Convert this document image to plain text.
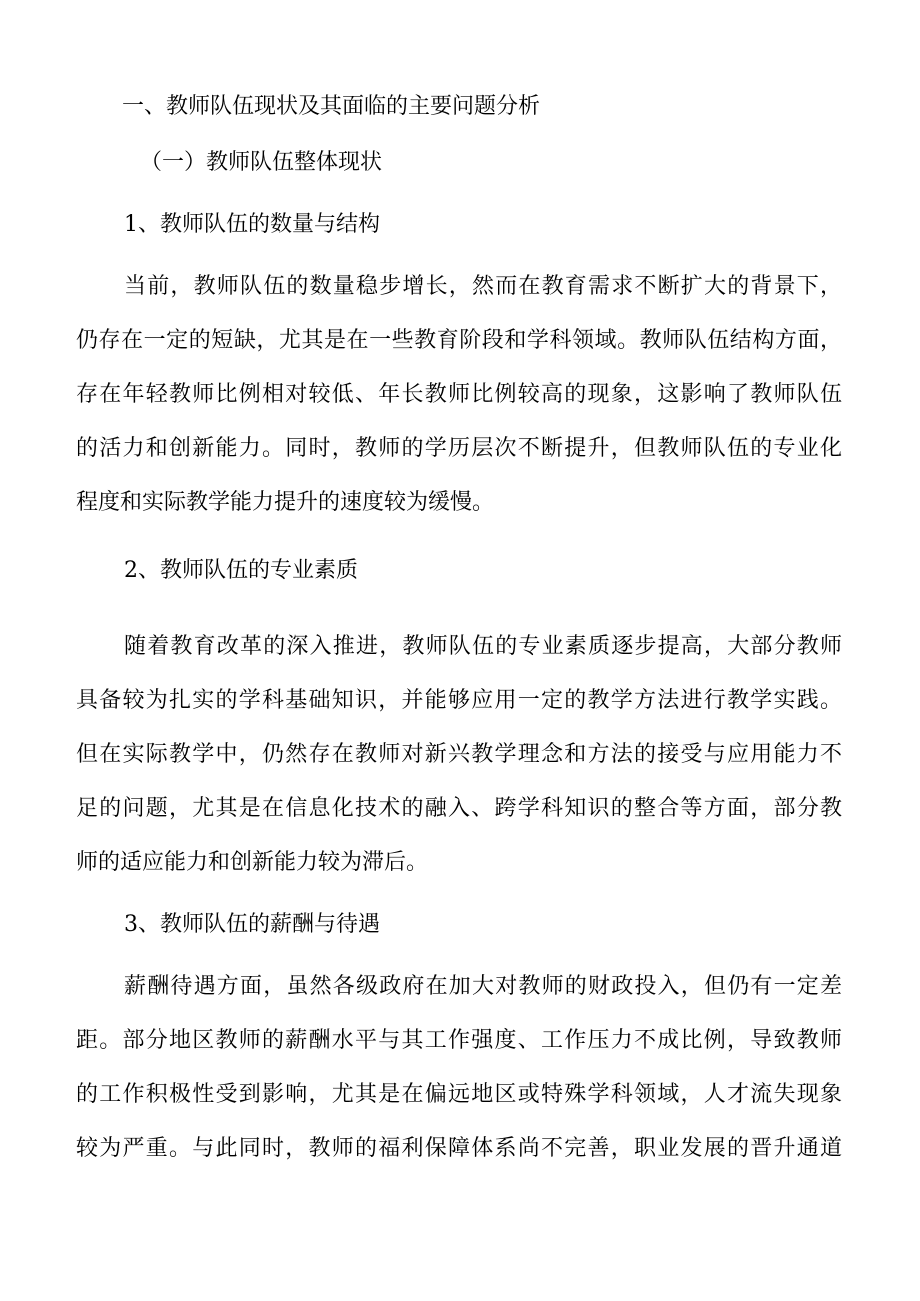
一、教师队伍现状及其面临的主要问题分析
（一）教师队伍整体现状
1、教师队伍的数量与结构
当前，教师队伍的数量稳步增长，然而在教育需求不断扩大的背景下，
仍存在一定的短缺，尤其是在一些教育阶段和学科领域。教师队伍结构方面，
存在年轻教师比例相对较低、年长教师比例较高的现象，这影响了教师队伍
的活力和创新能力。同时，教师的学历层次不断提升，但教师队伍的专业化
程度和实际教学能力提升的速度较为缓慢。
2、教师队伍的专业素质
随着教育改革的深入推进，教师队伍的专业素质逐步提高，大部分教师
具备较为扎实的学科基础知识，并能够应用一定的教学方法进行教学实践。
但在实际教学中，仍然存在教师对新兴教学理念和方法的接受与应用能力不
足的问题，尤其是在信息化技术的融入、跨学科知识的整合等方面，部分教
师的适应能力和创新能力较为滞后。
3、教师队伍的薪酬与待遇
薪酬待遇方面，虽然各级政府在加大对教师的财政投入，但仍有一定差
距。部分地区教师的薪酬水平与其工作强度、工作压力不成比例，导致教师
的工作积极性受到影响，尤其是在偏远地区或特殊学科领域，人才流失现象
较为严重。与此同时，教师的福利保障体系尚不完善，职业发展的晋升通道
